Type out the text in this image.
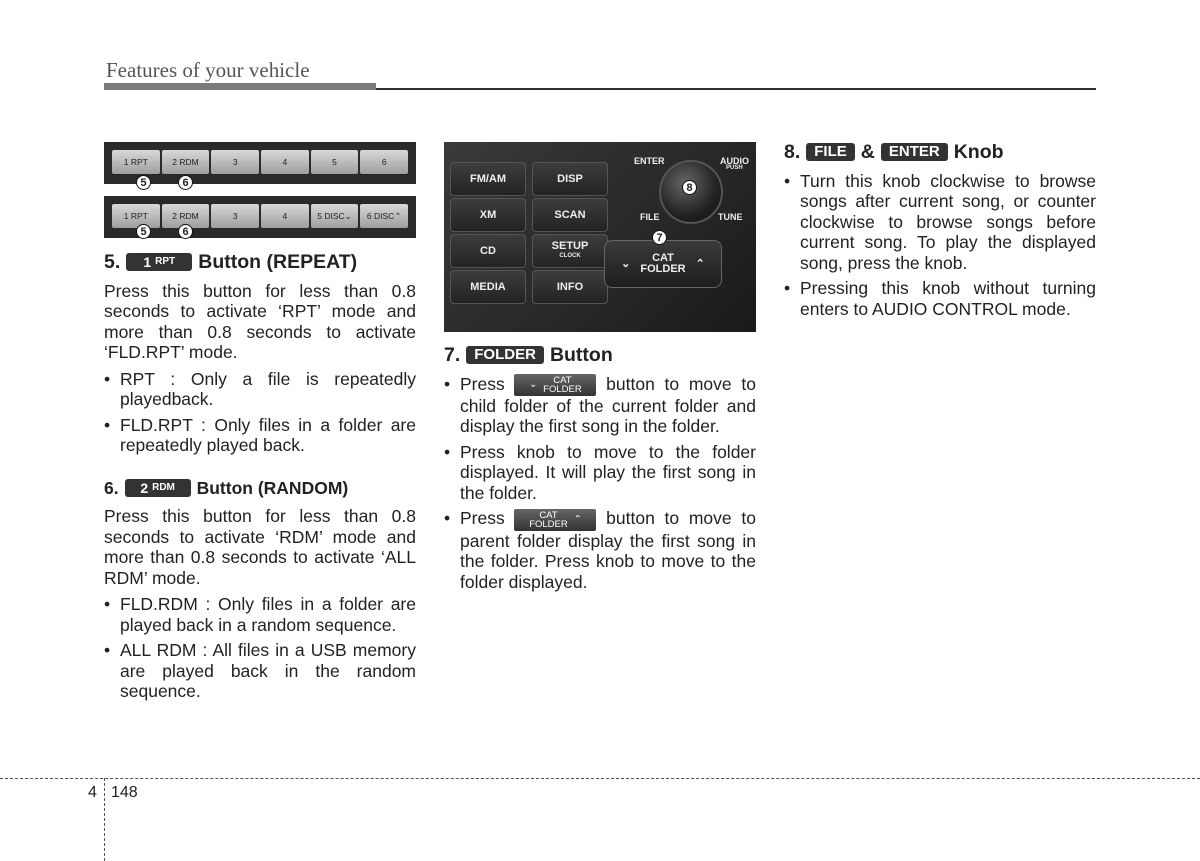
Features of your vehicle
1 RPT	2 RDM	3	4	5	6
5	6
1 RPT	2 RDM	3	4	5 DISC⌄	6 DISC⌃
5	6
5. 1 RPT Button (REPEAT)

Press this button for less than 0.8 seconds to activate ‘RPT’ mode and more than 0.8 seconds to activate ‘FLD.RPT’ mode.

• RPT : Only a file is repeatedly playedback.
• FLD.RPT : Only files in a folder are repeatedly played back.
6. 2 RDM Button (RANDOM)

Press this button for less than 0.8 seconds to activate ‘RDM’ mode and more than 0.8 seconds to activate ‘ALL RDM’ mode.

• FLD.RDM : Only files in a folder are played back in a random sequence.
• ALL RDM : All files in a USB memory are played back in the random sequence.
FM/AM	DISP
XM	SCAN
CD	SETUP
CLOCK
MEDIA	INFO
ENTER	AUDIO
PUSH
8
FILE	TUNE
⌄	CAT
FOLDER ⌃
7
7. FOLDER Button
• Press	⌄	CAT
FOLDER button to move to child folder of the current folder and display the first song in the folder.
• Press knob to move to the folder displayed. It will play the first song in the folder.
• Press	CAT
FOLDER ⌃ button to move to parent folder display the first song in the folder. Press knob to move to the folder displayed.
8. FILE & ENTER Knob
• Turn this knob clockwise to browse songs after current song, or counter clockwise to browse songs before current song. To play the displayed song, press the knob.
• Pressing this knob without turning enters to AUDIO CONTROL mode.
4 148
